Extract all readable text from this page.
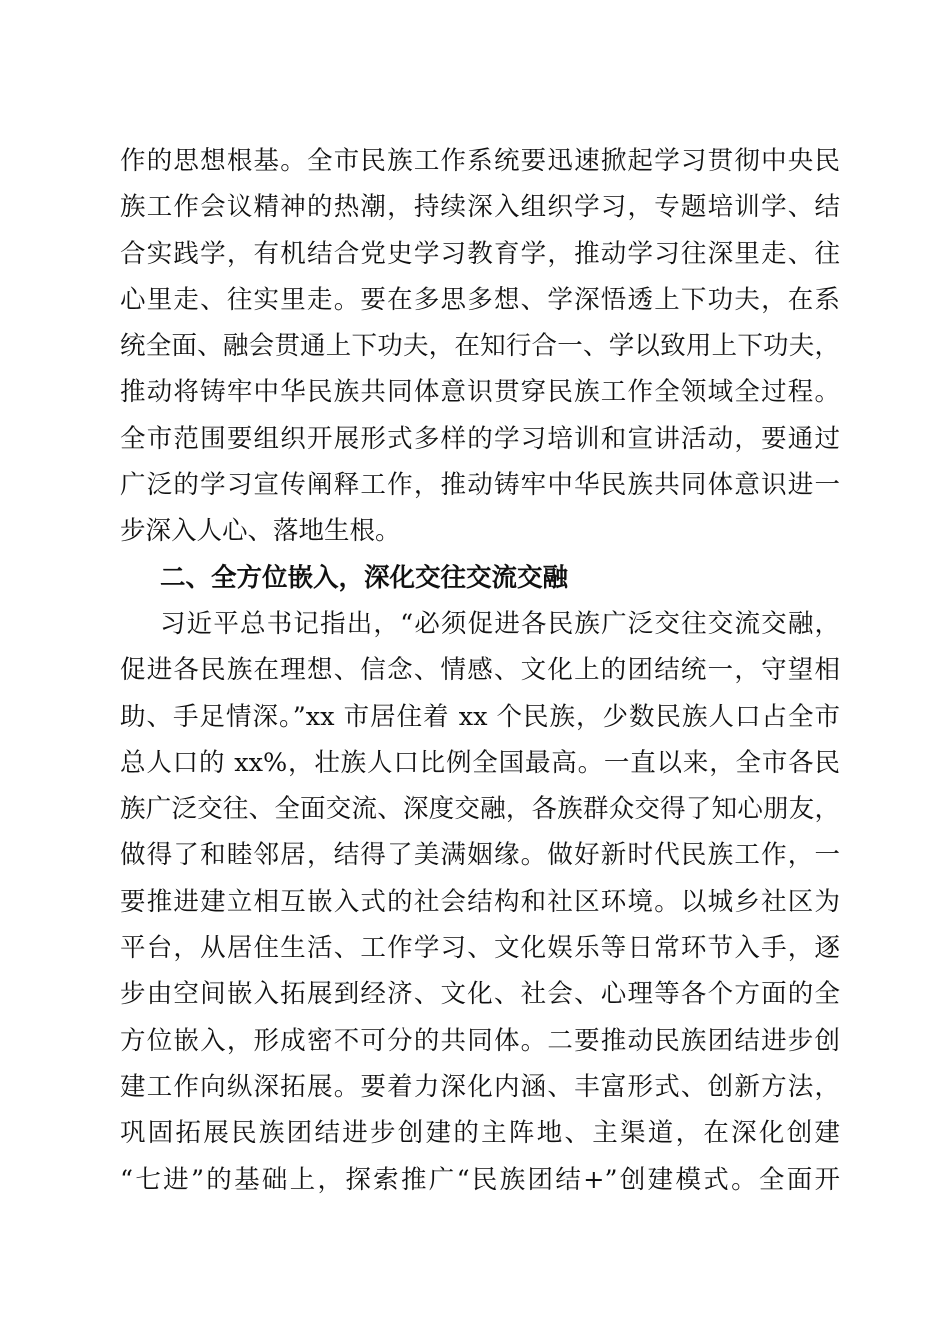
作的思想根基。全市民族工作系统要迅速掀起学习贯彻中央民
族工作会议精神的热潮，持续深入组织学习，专题培训学、结
合实践学，有机结合党史学习教育学，推动学习往深里走、往
心里走、往实里走。要在多思多想、学深悟透上下功夫，在系
统全面、融会贯通上下功夫，在知行合一、学以致用上下功夫，
推动将铸牢中华民族共同体意识贯穿民族工作全领域全过程。
全市范围要组织开展形式多样的学习培训和宣讲活动，要通过
广泛的学习宣传阐释工作，推动铸牢中华民族共同体意识进一
步深入人心、落地生根。
二、全方位嵌入，深化交往交流交融
习近平总书记指出，“必须促进各民族广泛交往交流交融，
促进各民族在理想、信念、情感、文化上的团结统一，守望相
助、手足情深。”xx 市居住着 xx 个民族，少数民族人口占全市
总人口的 xx%，壮族人口比例全国最高。一直以来，全市各民
族广泛交往、全面交流、深度交融，各族群众交得了知心朋友，
做得了和睦邻居，结得了美满姻缘。做好新时代民族工作，一
要推进建立相互嵌入式的社会结构和社区环境。以城乡社区为
平台，从居住生活、工作学习、文化娱乐等日常环节入手，逐
步由空间嵌入拓展到经济、文化、社会、心理等各个方面的全
方位嵌入，形成密不可分的共同体。二要推动民族团结进步创
建工作向纵深拓展。要着力深化内涵、丰富形式、创新方法，
巩固拓展民族团结进步创建的主阵地、主渠道，在深化创建
“七进”的基础上，探索推广“民族团结+”创建模式。全面开
